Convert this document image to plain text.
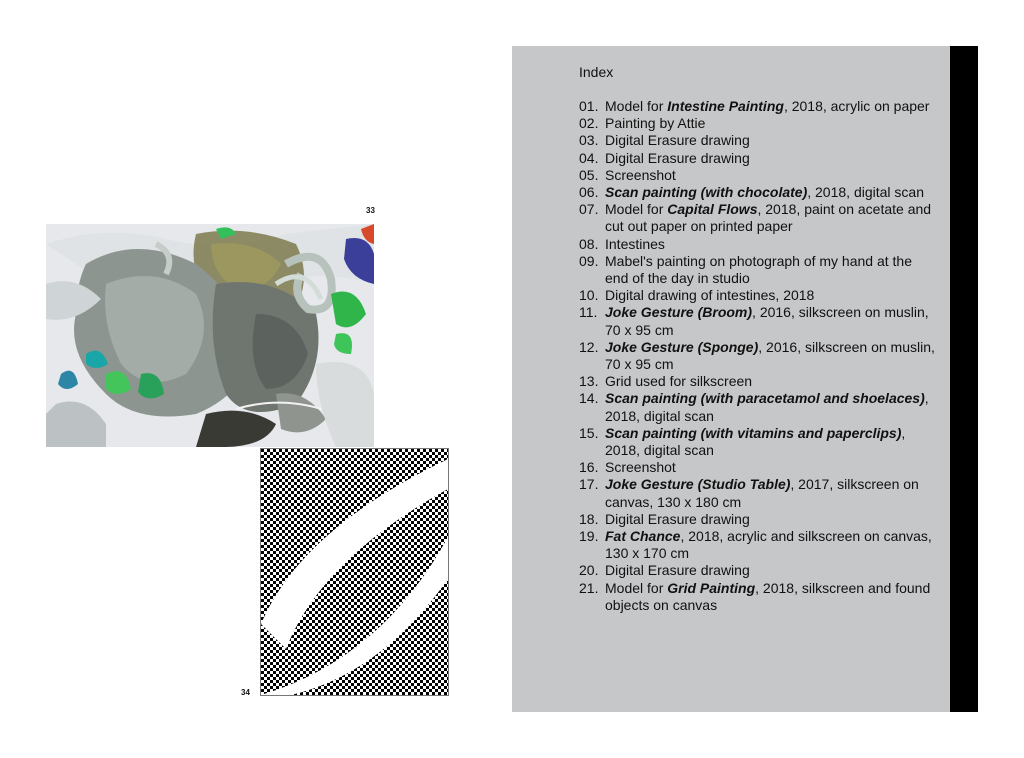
33
34
Index
01. Model for Intestine Painting, 2018, acrylic on paper
02. Painting by Attie
03. Digital Erasure drawing
04. Digital Erasure drawing
05. Screenshot
06. Scan painting (with chocolate), 2018, digital scan
07. Model for Capital Flows, 2018, paint on acetate and cut out paper on printed paper
08. Intestines
09. Mabel's painting on photograph of my hand at the end of the day in studio
10. Digital drawing of intestines, 2018
11. Joke Gesture (Broom), 2016, silkscreen on muslin, 70 x 95 cm
12. Joke Gesture (Sponge), 2016, silkscreen on muslin, 70 x 95 cm
13. Grid used for silkscreen
14. Scan painting (with paracetamol and shoelaces), 2018, digital scan
15. Scan painting (with vitamins and paperclips), 2018, digital scan
16. Screenshot
17. Joke Gesture (Studio Table), 2017, silkscreen on canvas, 130 x 180 cm
18. Digital Erasure drawing
19. Fat Chance, 2018, acrylic and silkscreen on canvas, 130 x 170 cm
20. Digital Erasure drawing
21. Model for Grid Painting, 2018, silkscreen and found objects on canvas
